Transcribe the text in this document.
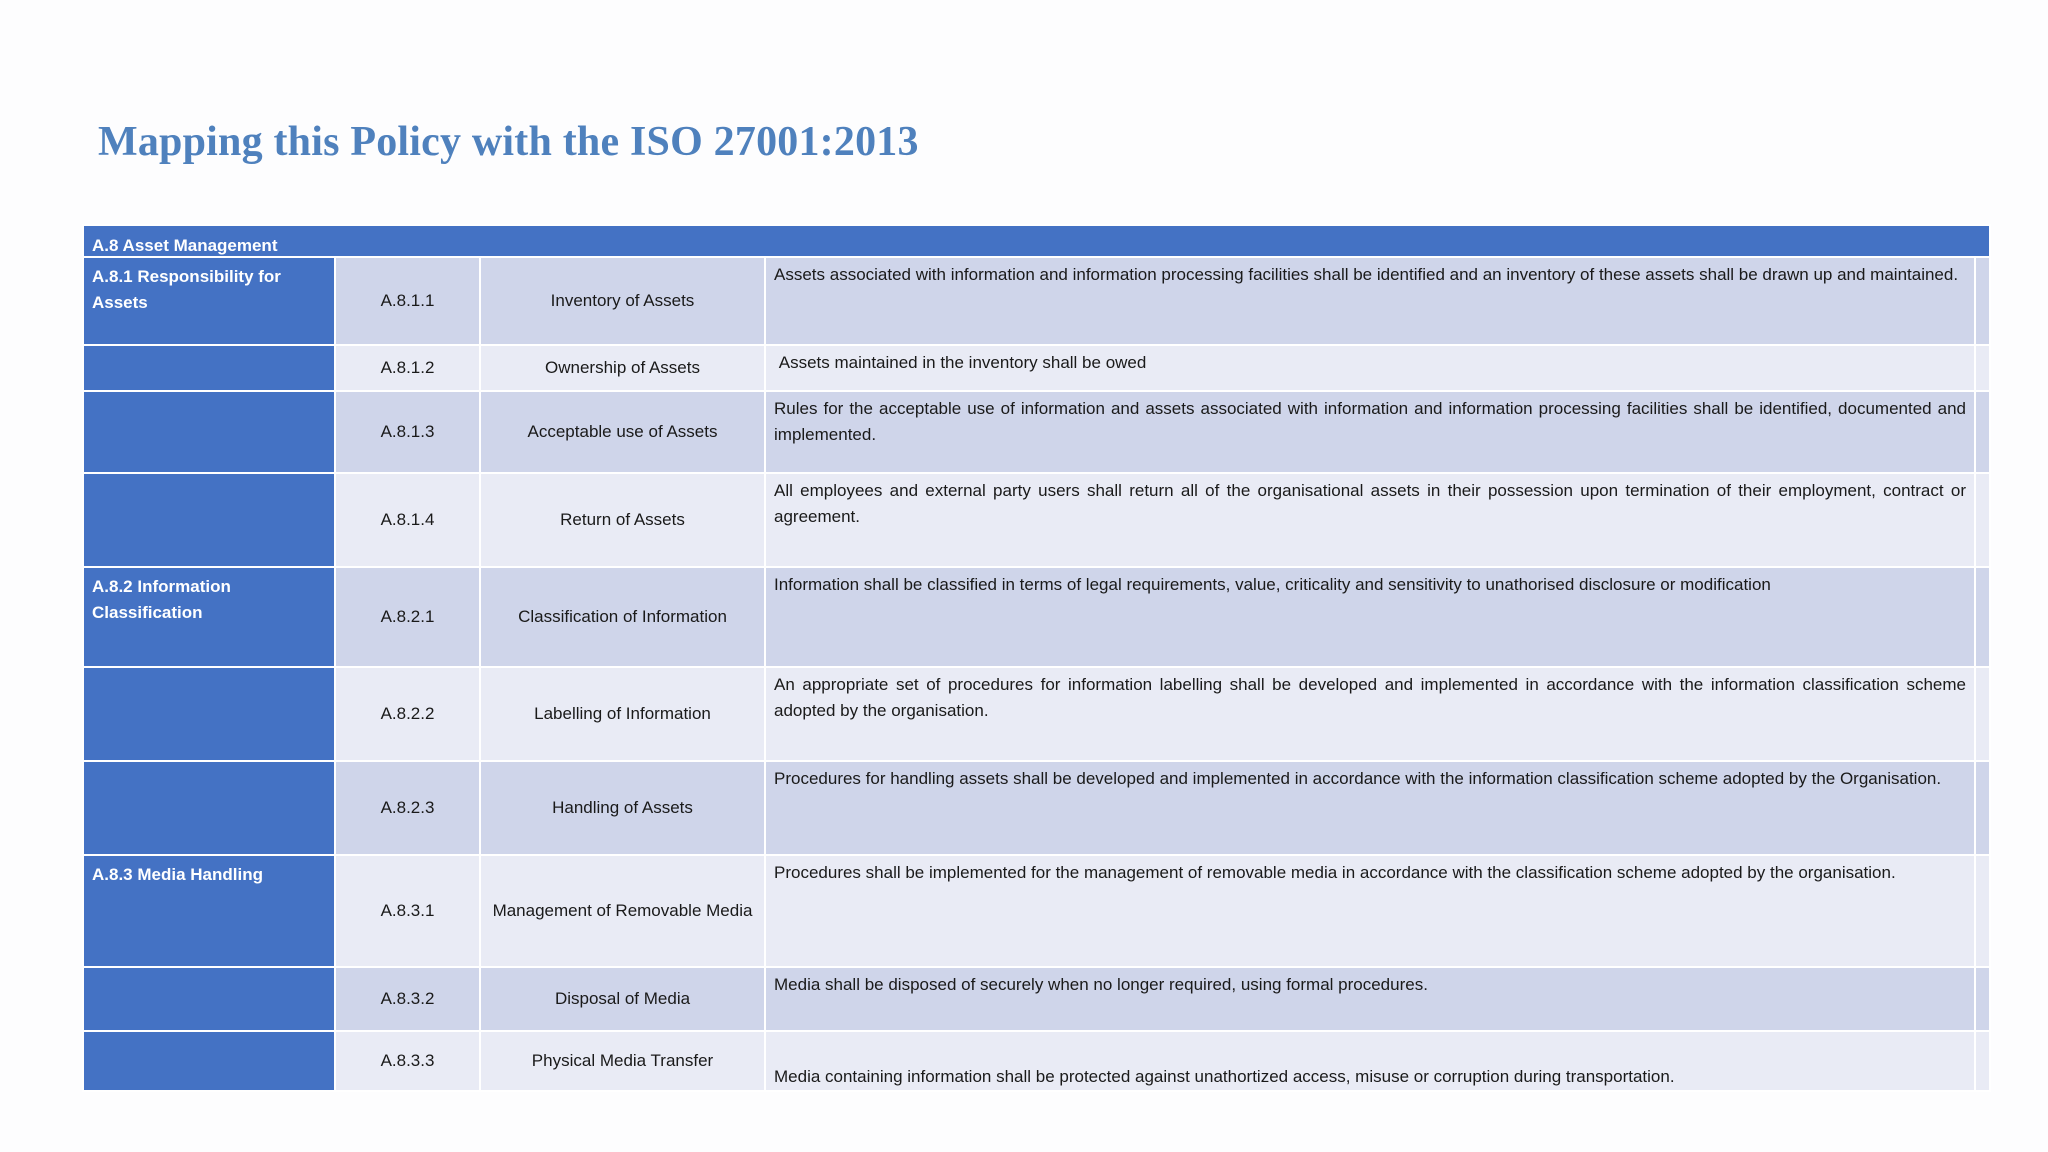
Mapping this Policy with the ISO 27001:2013
A.8 Asset Management				
A.8.1 Responsibility for Assets	A.8.1.1	Inventory of Assets	Assets associated with information and information processing facilities shall be identified and an inventory of these assets shall be drawn up and maintained.	
	A.8.1.2	Ownership of Assets	Assets maintained in the inventory shall be owed	
	A.8.1.3	Acceptable use of Assets	Rules for the acceptable use of information and assets associated with information and information processing facilities shall be identified, documented and implemented.	
	A.8.1.4	Return of Assets	All employees and external party users shall return all of the organisational assets in their possession upon termination of their employment, contract or agreement.	
A.8.2 Information Classification	A.8.2.1	Classification of Information	Information shall be classified in terms of legal requirements, value, criticality and sensitivity to unathorised disclosure or modification	
	A.8.2.2	Labelling of Information	An appropriate set of procedures for information labelling shall be developed and implemented in accordance with the information classification scheme adopted by the organisation.	
	A.8.2.3	Handling of Assets	Procedures for handling assets shall be developed and implemented in accordance with the information classification scheme adopted by the Organisation.	
A.8.3 Media Handling	A.8.3.1	Management of Removable Media	Procedures shall be implemented for the management of removable media in accordance with the classification scheme adopted by the organisation.	
	A.8.3.2	Disposal of Media	Media shall be disposed of securely when no longer required, using formal procedures.	
	A.8.3.3	Physical Media Transfer	Media containing information shall be protected against unathortized access, misuse or corruption during transportation.	
